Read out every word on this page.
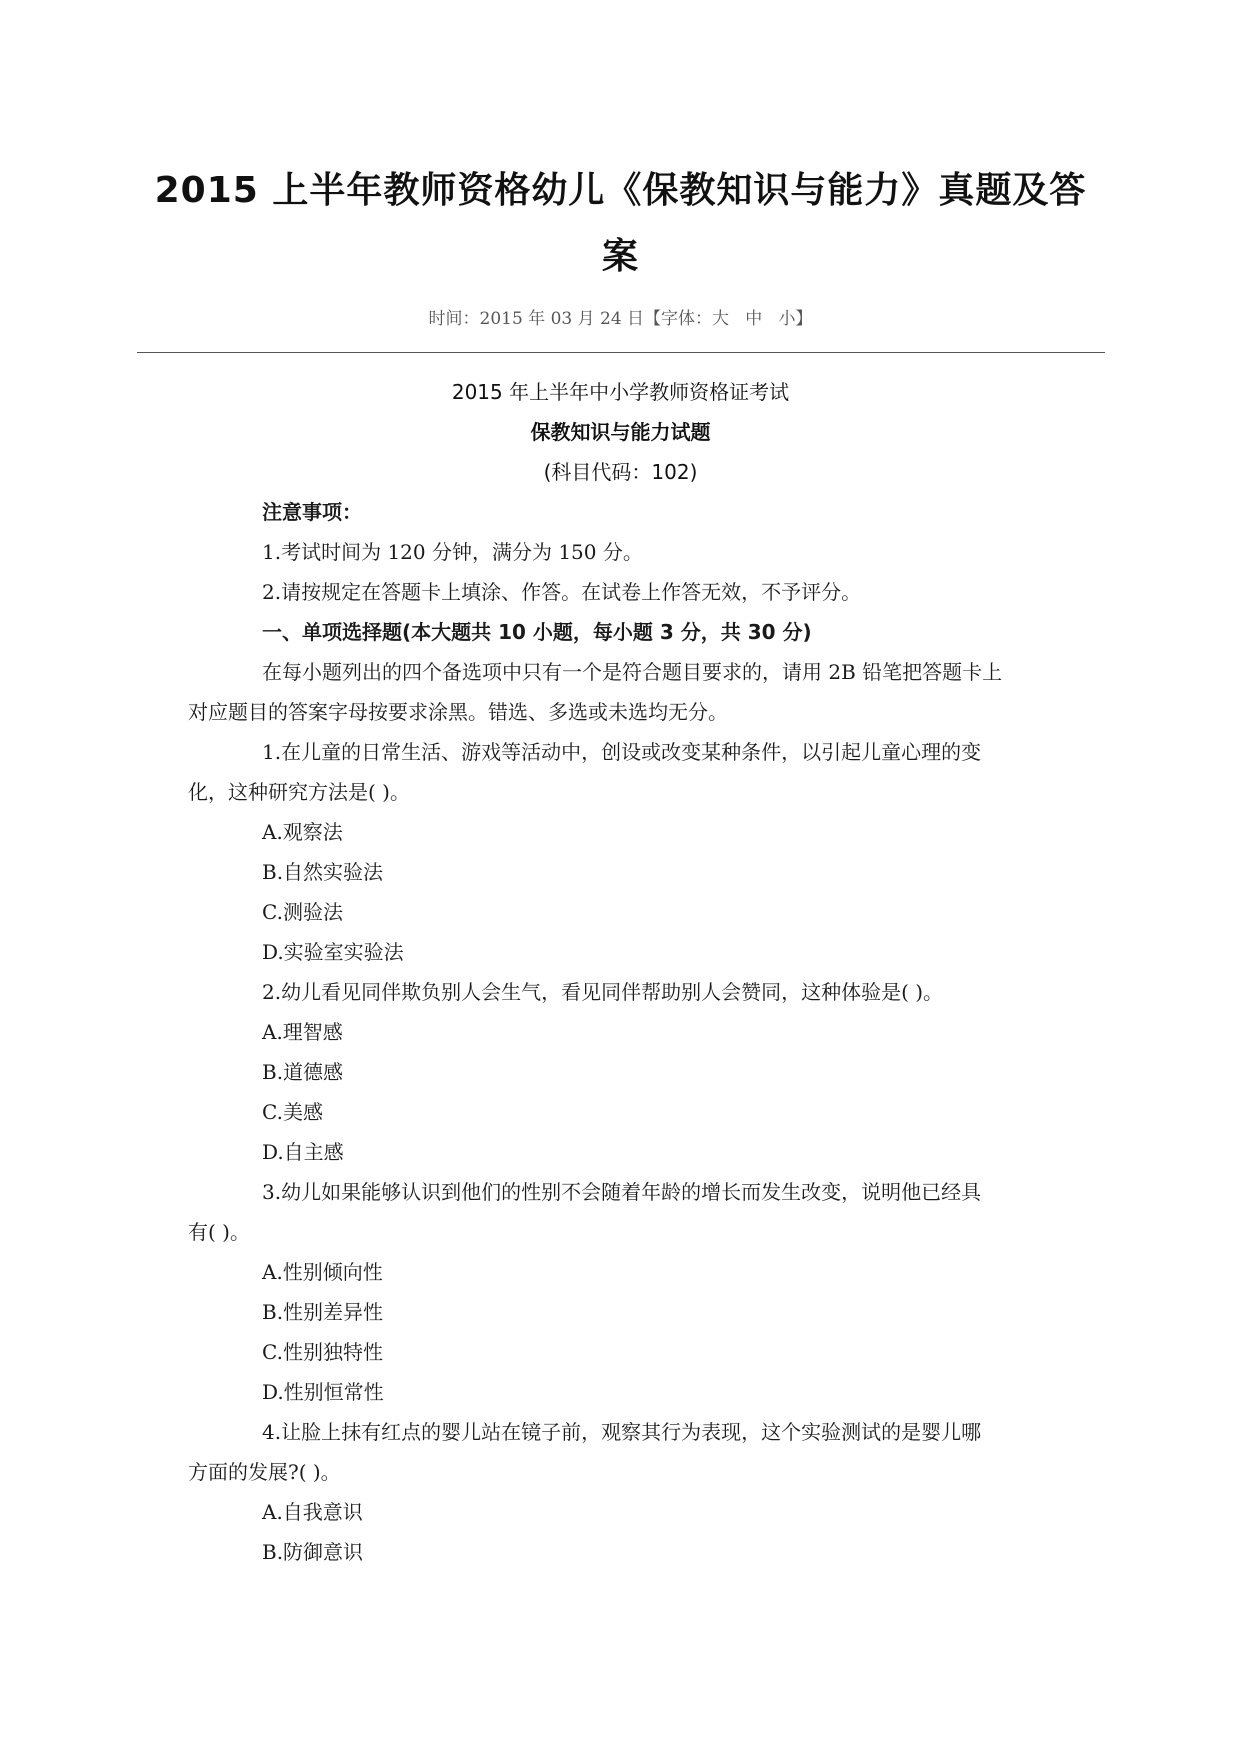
2015 上半年教师资格幼儿《保教知识与能力》真题及答
案
时间：2015 年 03 月 24 日【字体：大   中   小】
2015 年上半年中小学教师资格证考试
保教知识与能力试题
(科目代码：102)
注意事项：
1.考试时间为 120 分钟，满分为 150 分。
2.请按规定在答题卡上填涂、作答。在试卷上作答无效，不予评分。
一、单项选择题(本大题共 10 小题，每小题 3 分，共 30 分)
在每小题列出的四个备选项中只有一个是符合题目要求的，请用 2B 铅笔把答题卡上
对应题目的答案字母按要求涂黑。错选、多选或未选均无分。
1.在儿童的日常生活、游戏等活动中，创设或改变某种条件，以引起儿童心理的变
化，这种研究方法是( )。
A.观察法
B.自然实验法
C.测验法
D.实验室实验法
2.幼儿看见同伴欺负别人会生气，看见同伴帮助别人会赞同，这种体验是( )。
A.理智感
B.道德感
C.美感
D.自主感
3.幼儿如果能够认识到他们的性别不会随着年龄的增长而发生改变，说明他已经具
有( )。
A.性别倾向性
B.性别差异性
C.性别独特性
D.性别恒常性
4.让脸上抹有红点的婴儿站在镜子前，观察其行为表现，这个实验测试的是婴儿哪
方面的发展?( )。
A.自我意识
B.防御意识
